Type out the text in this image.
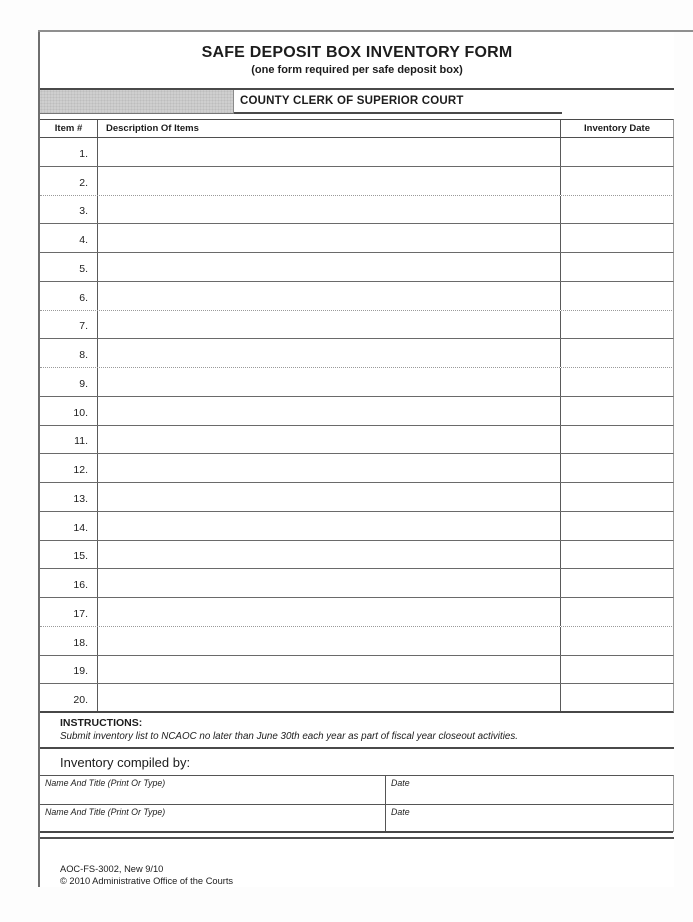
SAFE DEPOSIT BOX INVENTORY FORM
(one form required per safe deposit box)
COUNTY CLERK OF SUPERIOR COURT
Item #	Description Of Items	Inventory Date
1.
2.
3.
4.
5.
6.
7.
8.
9.
10.
11.
12.
13.
14.
15.
16.
17.
18.
19.
20.
INSTRUCTIONS:
Submit inventory list to NCAOC no later than June 30th each year as part of fiscal year closeout activities.
Inventory compiled by:
Name And Title (Print Or Type)	Date
Name And Title (Print Or Type)	Date
AOC-FS-3002, New 9/10
© 2010 Administrative Office of the Courts
